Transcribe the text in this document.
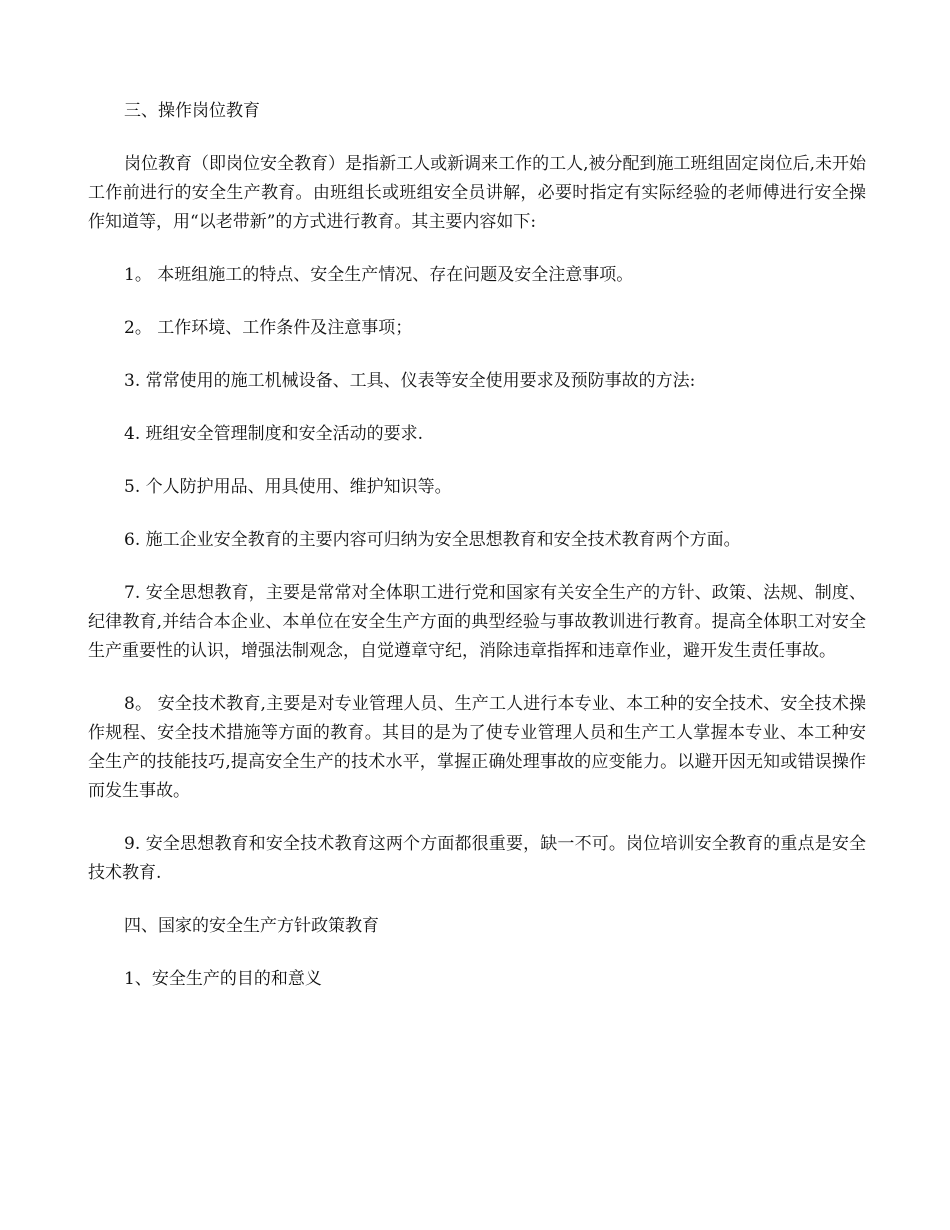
三、操作岗位教育

岗位教育（即岗位安全教育）是指新工人或新调来工作的工人,被分配到施工班组固定岗位后,未开始工作前进行的安全生产教育。由班组长或班组安全员讲解，必要时指定有实际经验的老师傅进行安全操作知道等，用“以老带新”的方式进行教育。其主要内容如下:

1。 本班组施工的特点、安全生产情况、存在问题及安全注意事项。

2。 工作环境、工作条件及注意事项；

3. 常常使用的施工机械设备、工具、仪表等安全使用要求及预防事故的方法:

4. 班组安全管理制度和安全活动的要求.

5. 个人防护用品、用具使用、维护知识等。

6. 施工企业安全教育的主要内容可归纳为安全思想教育和安全技术教育两个方面。

7. 安全思想教育，主要是常常对全体职工进行党和国家有关安全生产的方针、政策、法规、制度、纪律教育,并结合本企业、本单位在安全生产方面的典型经验与事故教训进行教育。提高全体职工对安全生产重要性的认识，增强法制观念，自觉遵章守纪，消除违章指挥和违章作业，避开发生责任事故。

8。 安全技术教育,主要是对专业管理人员、生产工人进行本专业、本工种的安全技术、安全技术操作规程、安全技术措施等方面的教育。其目的是为了使专业管理人员和生产工人掌握本专业、本工种安全生产的技能技巧,提高安全生产的技术水平，掌握正确处理事故的应变能力。以避开因无知或错误操作而发生事故。

9. 安全思想教育和安全技术教育这两个方面都很重要，缺一不可。岗位培训安全教育的重点是安全技术教育.

四、国家的安全生产方针政策教育

1、安全生产的目的和意义
